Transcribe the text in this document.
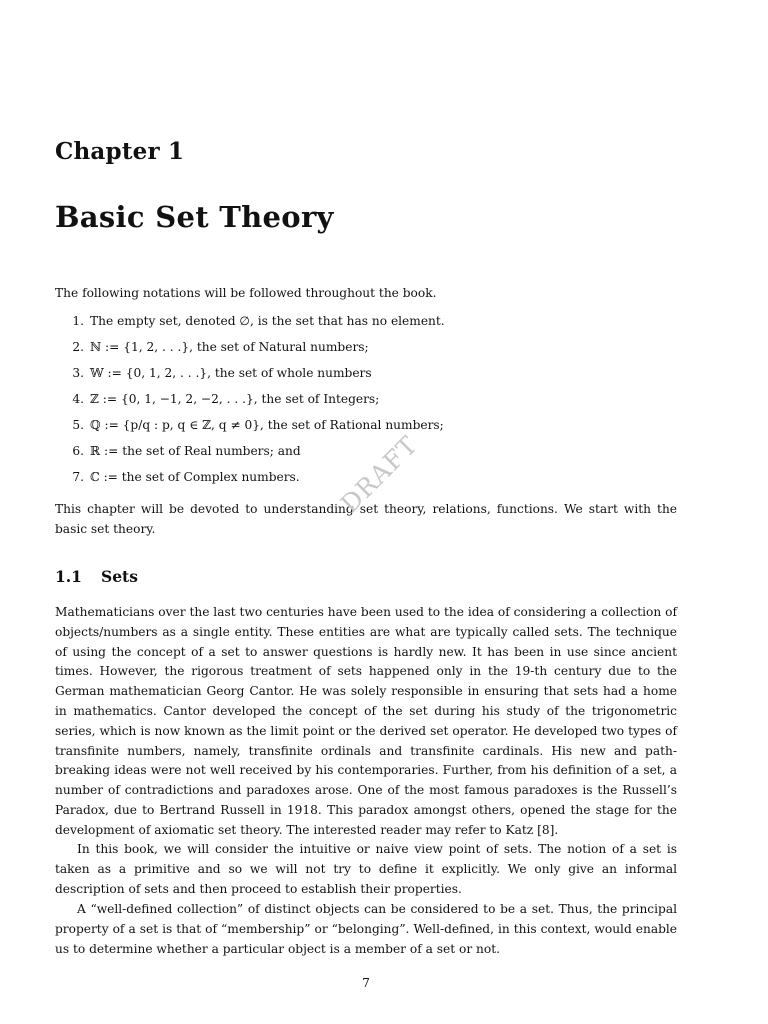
Chapter 1
Basic Set Theory
The following notations will be followed throughout the book.
1. The empty set, denoted ∅, is the set that has no element.
2. ℕ := {1, 2, . . .}, the set of Natural numbers;
3. 𝕎 := {0, 1, 2, . . .}, the set of whole numbers
4. ℤ := {0, 1, −1, 2, −2, . . .}, the set of Integers;
5. ℚ := {p/q : p, q ∈ ℤ, q ≠ 0}, the set of Rational numbers;
6. ℝ := the set of Real numbers; and
7. ℂ := the set of Complex numbers.

This chapter will be devoted to understanding set theory, relations, functions. We start with the basic set theory.

1.1	Sets

Mathematicians over the last two centuries have been used to the idea of considering a collection of objects/numbers as a single entity. These entities are what are typically called sets. The technique of using the concept of a set to answer questions is hardly new. It has been in use since ancient times. However, the rigorous treatment of sets happened only in the 19-th century due to the German mathematician Georg Cantor. He was solely responsible in ensuring that sets had a home in mathematics. Cantor developed the concept of the set during his study of the trigonometric series, which is now known as the limit point or the derived set operator. He developed two types of transfinite numbers, namely, transfinite ordinals and transfinite cardinals. His new and path-breaking ideas were not well received by his contemporaries. Further, from his definition of a set, a number of contradictions and paradoxes arose. One of the most famous paradoxes is the Russell’s Paradox, due to Bertrand Russell in 1918. This paradox amongst others, opened the stage for the development of axiomatic set theory. The interested reader may refer to Katz [8].

In this book, we will consider the intuitive or naive view point of sets. The notion of a set is taken as a primitive and so we will not try to define it explicitly. We only give an informal description of sets and then proceed to establish their properties.

A “well-defined collection” of distinct objects can be considered to be a set. Thus, the principal property of a set is that of “membership” or “belonging”. Well-defined, in this context, would enable us to determine whether a particular object is a member of a set or not.

7
DRAFT
